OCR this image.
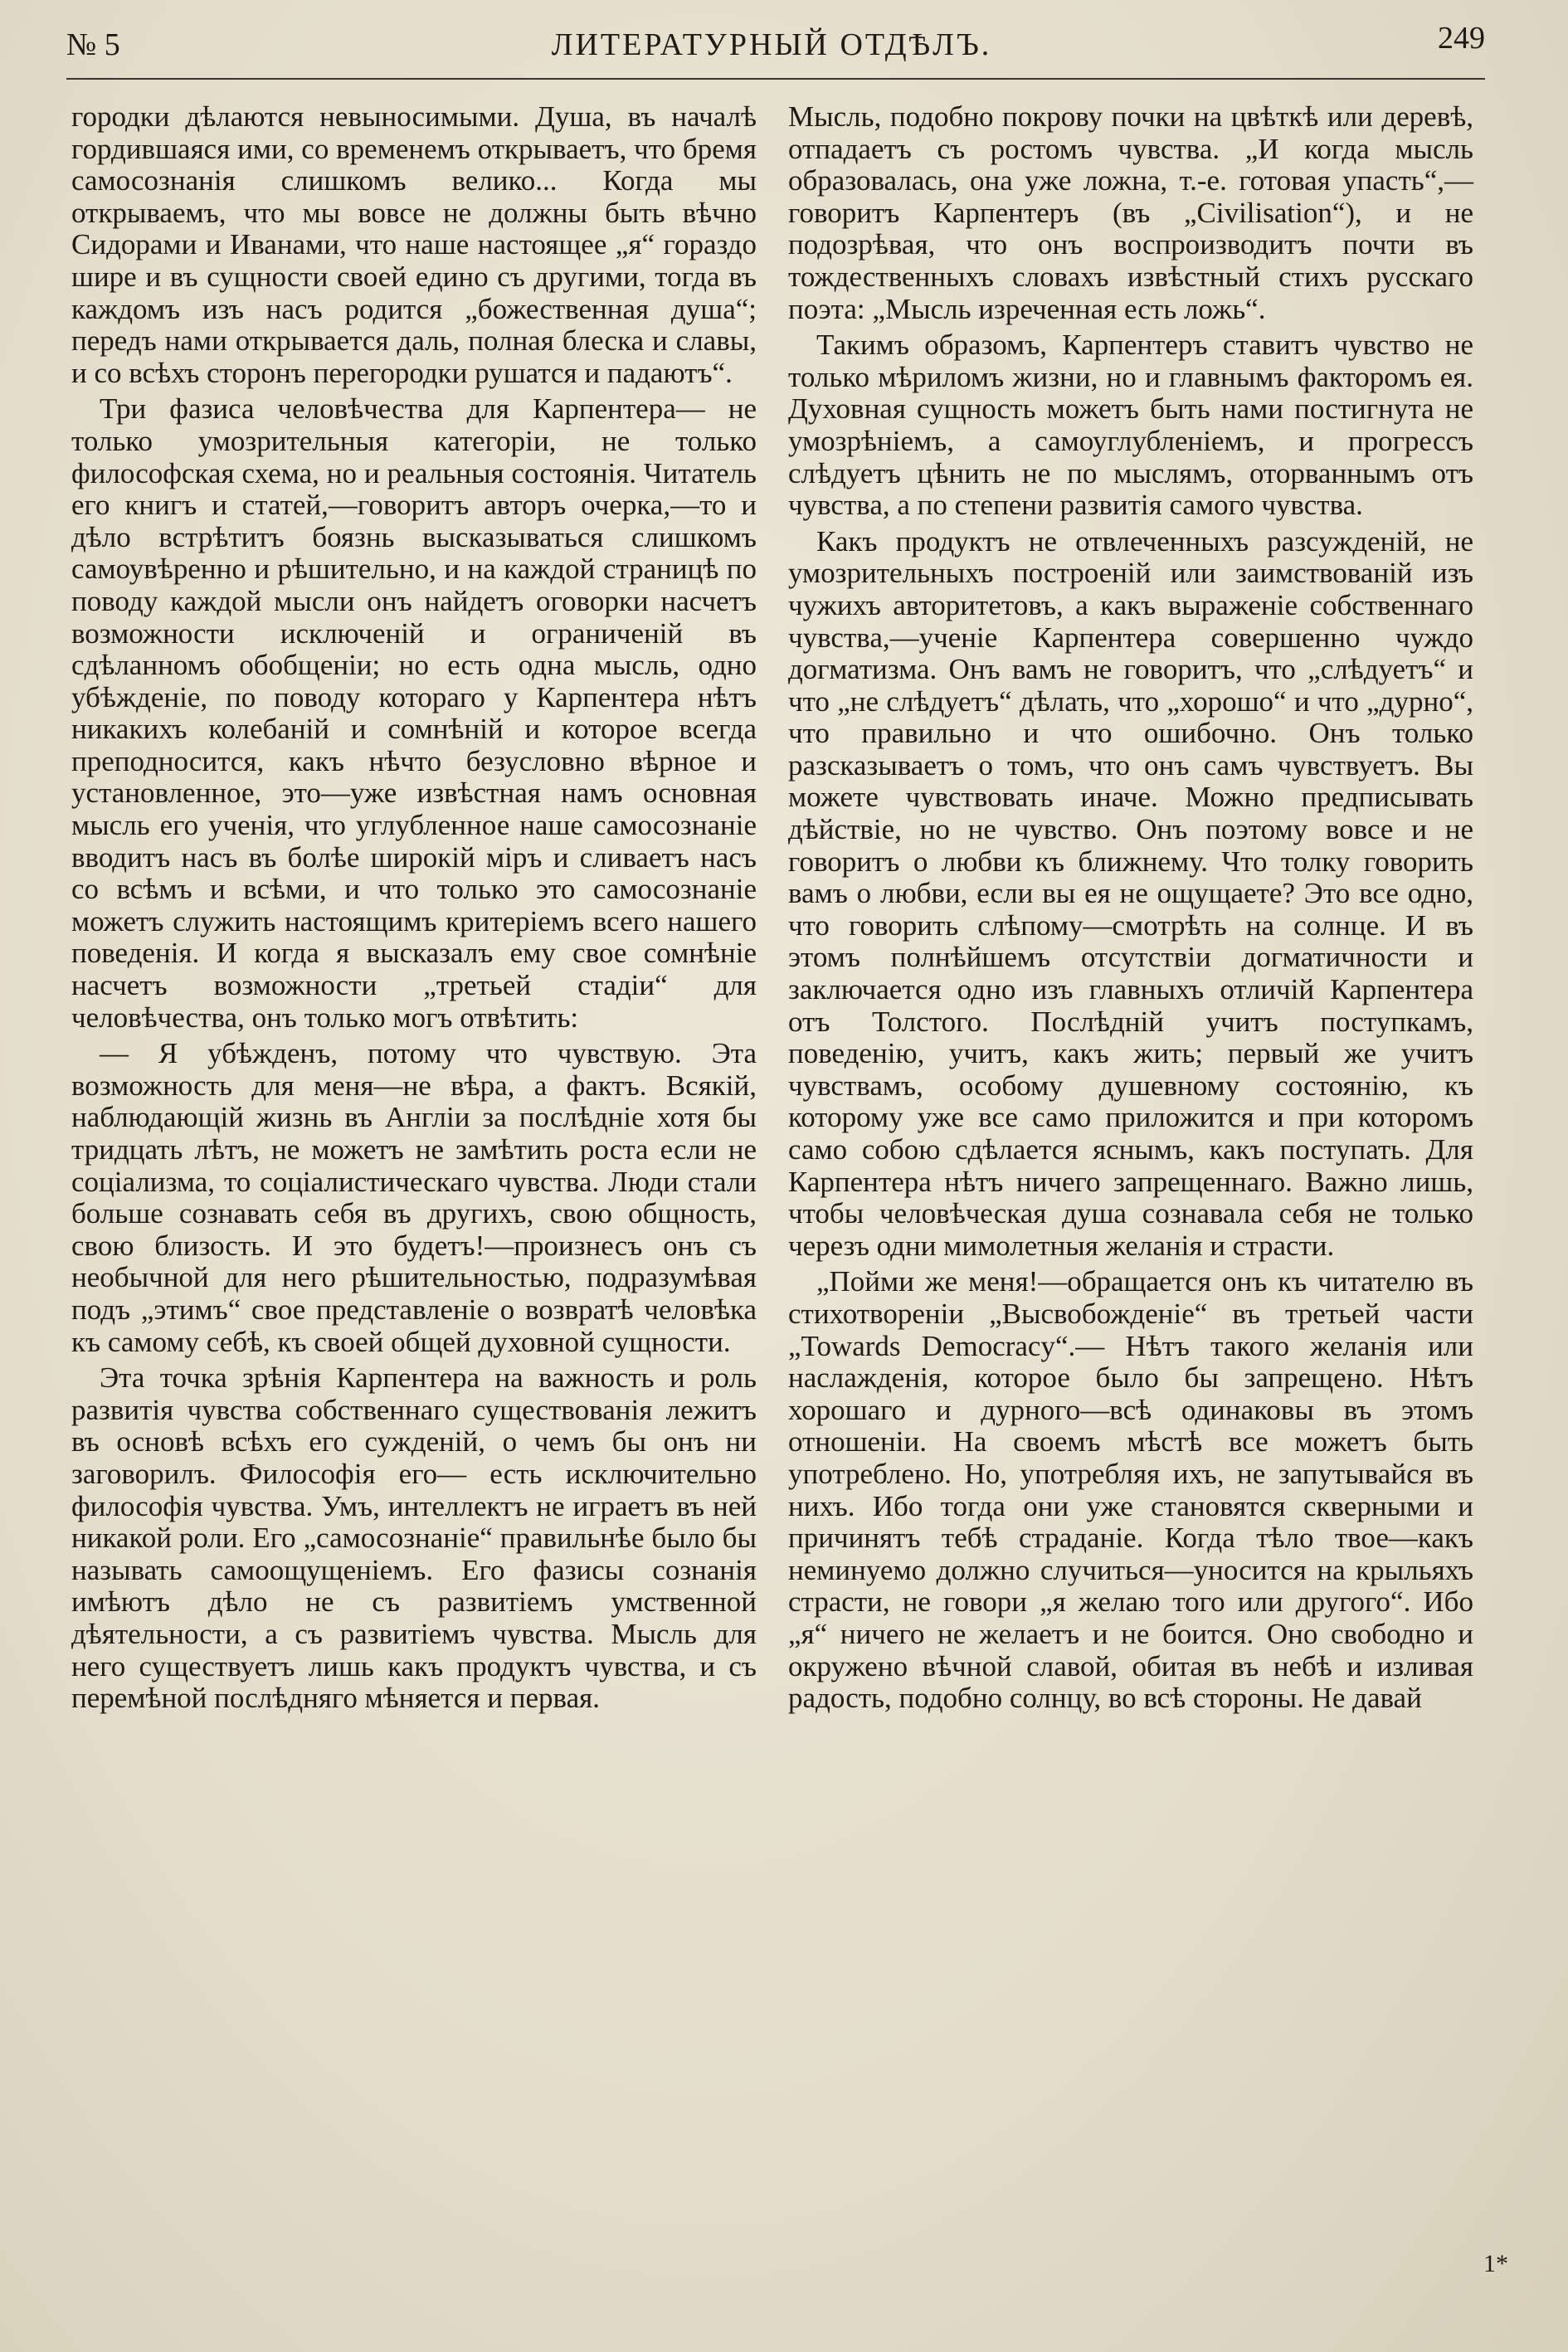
№ 5	ЛИТЕРАТУРНЫЙ ОТДѢЛЪ.	249

городки дѣлаются невыносимыми. Душа, въ началѣ гордившаяся ими, со временемъ открываетъ, что бремя самосознанія слишкомъ велико... Когда мы открываемъ, что мы вовсе не должны быть вѣчно Сидорами и Иванами, что наше настоящее „я“ гораздо шире и въ сущности своей едино съ другими, тогда въ каждомъ изъ насъ родится „божественная душа“; передъ нами открывается даль, полная блеска и славы, и со всѣхъ сторонъ перегородки рушатся и падаютъ“.

Три фазиса человѣчества для Карпентера— не только умозрительныя категоріи, не только философская схема, но и реальныя состоянія. Читатель его книгъ и статей,—говоритъ авторъ очерка,—то и дѣло встрѣтитъ боязнь высказываться слишкомъ самоувѣренно и рѣшительно, и на каждой страницѣ по поводу каждой мысли онъ найдетъ оговорки насчетъ возможности исключеній и ограниченій въ сдѣланномъ обобщеніи; но есть одна мысль, одно убѣжденіе, по поводу котораго у Карпентера нѣтъ никакихъ колебаній и сомнѣній и которое всегда преподносится, какъ нѣчто безусловно вѣрное и установленное, это—уже извѣстная намъ основная мысль его ученія, что углубленное наше самосознаніе вводитъ насъ въ болѣе широкій міръ и сливаетъ насъ со всѣмъ и всѣми, и что только это самосознаніе можетъ служить настоящимъ критеріемъ всего нашего поведенія. И когда я высказалъ ему свое сомнѣніе насчетъ возможности „третьей стадіи“ для человѣчества, онъ только могъ отвѣтить:

— Я убѣжденъ, потому что чувствую. Эта возможность для меня—не вѣра, а фактъ. Всякій, наблюдающій жизнь въ Англіи за послѣдніе хотя бы тридцать лѣтъ, не можетъ не замѣтить роста если не соціализма, то соціалистическаго чувства. Люди стали больше сознавать себя въ другихъ, свою общность, свою близость. И это будетъ!—произнесъ онъ съ необычной для него рѣшительностью, подразумѣвая подъ „этимъ“ свое представленіе о возвратѣ человѣка къ самому себѣ, къ своей общей духовной сущности.

Эта точка зрѣнія Карпентера на важность и роль развитія чувства собственнаго существованія лежитъ въ основѣ всѣхъ его сужденій, о чемъ бы онъ ни заговорилъ. Философія его— есть исключительно философія чувства. Умъ, интеллектъ не играетъ въ ней никакой роли. Его „самосознаніе“ правильнѣе было бы называть самоощущеніемъ. Его фазисы сознанія имѣютъ дѣло не съ развитіемъ умственной дѣятельности, а съ развитіемъ чувства. Мысль для него существуетъ лишь какъ продуктъ чувства, и съ перемѣной послѣдняго мѣняется и первая.

Мысль, подобно покрову почки на цвѣткѣ или деревѣ, отпадаетъ съ ростомъ чувства. „И когда мысль образовалась, она уже ложна, т.-е. готовая упасть“,—говоритъ Карпентеръ (въ „Civilisation“), и не подозрѣвая, что онъ воспроизводитъ почти въ тождественныхъ словахъ извѣстный стихъ русскаго поэта: „Мысль изреченная есть ложь“.

Такимъ образомъ, Карпентеръ ставитъ чувство не только мѣриломъ жизни, но и главнымъ факторомъ ея. Духовная сущность можетъ быть нами постигнута не умозрѣніемъ, а самоуглубленіемъ, и прогрессъ слѣдуетъ цѣнить не по мыслямъ, оторваннымъ отъ чувства, а по степени развитія самого чувства.

Какъ продуктъ не отвлеченныхъ разсужденій, не умозрительныхъ построеній или заимствованій изъ чужихъ авторитетовъ, а какъ выраженіе собственнаго чувства,—ученіе Карпентера совершенно чуждо догматизма. Онъ вамъ не говоритъ, что „слѣдуетъ“ и что „не слѣдуетъ“ дѣлать, что „хорошо“ и что „дурно“, что правильно и что ошибочно. Онъ только разсказываетъ о томъ, что онъ самъ чувствуетъ. Вы можете чувствовать иначе. Можно предписывать дѣйствіе, но не чувство. Онъ поэтому вовсе и не говоритъ о любви къ ближнему. Что толку говорить вамъ о любви, если вы ея не ощущаете? Это все одно, что говорить слѣпому—смотрѣть на солнце. И въ этомъ полнѣйшемъ отсутствіи догматичности и заключается одно изъ главныхъ отличій Карпентера отъ Толстого. Послѣдній учитъ поступкамъ, поведенію, учитъ, какъ жить; первый же учитъ чувствамъ, особому душевному состоянію, къ которому уже все само приложится и при которомъ само собою сдѣлается яснымъ, какъ поступать. Для Карпентера нѣтъ ничего запрещеннаго. Важно лишь, чтобы человѣческая душа сознавала себя не только черезъ одни мимолетныя желанія и страсти.

„Пойми же меня!—обращается онъ къ читателю въ стихотвореніи „Высвобожденіе“ въ третьей части „Towards Democracy“.— Нѣтъ такого желанія или наслажденія, которое было бы запрещено. Нѣтъ хорошаго и дурного—всѣ одинаковы въ этомъ отношеніи. На своемъ мѣстѣ все можетъ быть употреблено. Но, употребляя ихъ, не запутывайся въ нихъ. Ибо тогда они уже становятся скверными и причинятъ тебѣ страданіе. Когда тѣло твое—какъ неминуемо должно случиться—уносится на крыльяхъ страсти, не говори „я желаю того или другого“. Ибо „я“ ничего не желаетъ и не боится. Оно свободно и окружено вѣчной славой, обитая въ небѣ и изливая радость, подобно солнцу, во всѣ стороны. Не давай

1*
